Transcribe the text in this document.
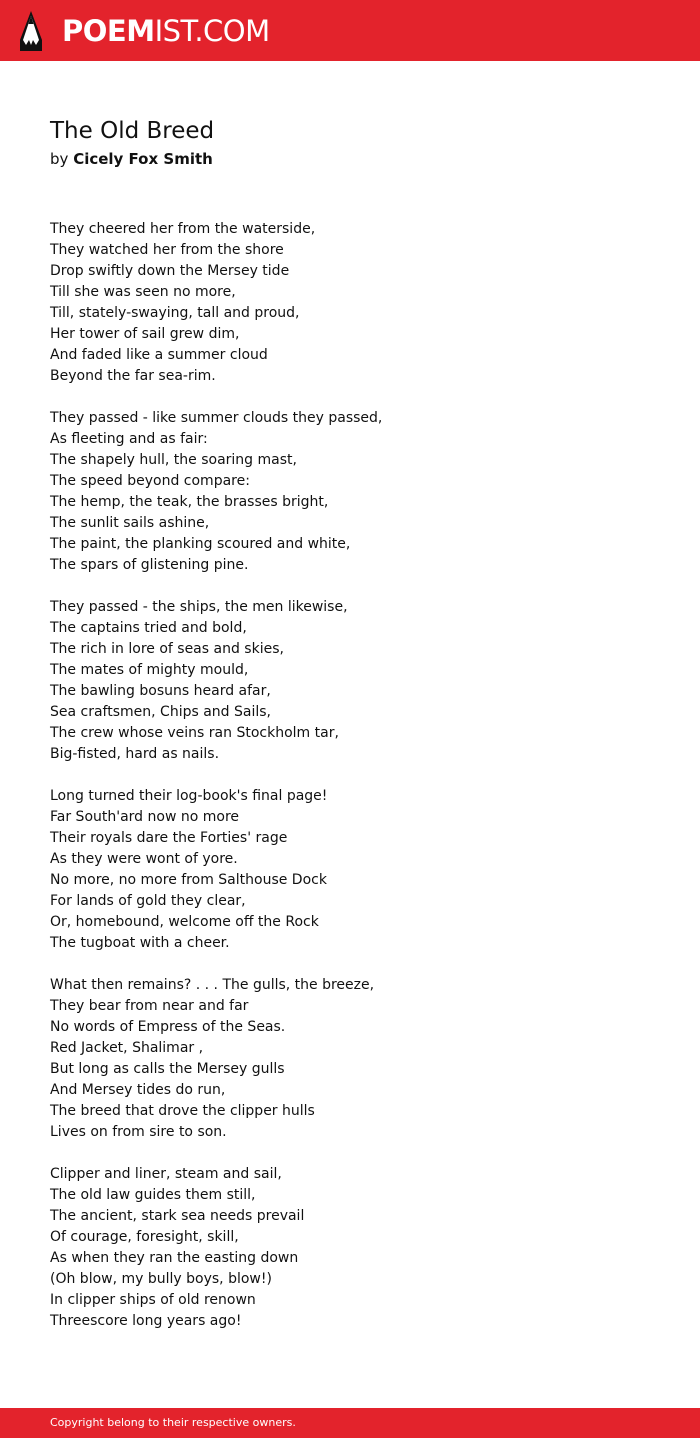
POEMIST.COM
The Old Breed
by Cicely Fox Smith
They cheered her from the waterside,
They watched her from the shore
Drop swiftly down the Mersey tide
Till she was seen no more,
Till, stately-swaying, tall and proud,
Her tower of sail grew dim,
And faded like a summer cloud
Beyond the far sea-rim.
They passed - like summer clouds they passed,
As fleeting and as fair:
The shapely hull, the soaring mast,
The speed beyond compare:
The hemp, the teak, the brasses bright,
The sunlit sails ashine,
The paint, the planking scoured and white,
The spars of glistening pine.
They passed - the ships, the men likewise,
The captains tried and bold,
The rich in lore of seas and skies,
The mates of mighty mould,
The bawling bosuns heard afar,
Sea craftsmen, Chips and Sails,
The crew whose veins ran Stockholm tar,
Big-fisted, hard as nails.
Long turned their log-book's final page!
Far South'ard now no more
Their royals dare the Forties' rage
As they were wont of yore.
No more, no more from Salthouse Dock
For lands of gold they clear,
Or, homebound, welcome off the Rock
The tugboat with a cheer.
What then remains? . . . The gulls, the breeze,
They bear from near and far
No words of Empress of the Seas.
Red Jacket, Shalimar ,
But long as calls the Mersey gulls
And Mersey tides do run,
The breed that drove the clipper hulls
Lives on from sire to son.
Clipper and liner, steam and sail,
The old law guides them still,
The ancient, stark sea needs prevail
Of courage, foresight, skill,
As when they ran the easting down
(Oh blow, my bully boys, blow!)
In clipper ships of old renown
Threescore long years ago!
Copyright belong to their respective owners.
